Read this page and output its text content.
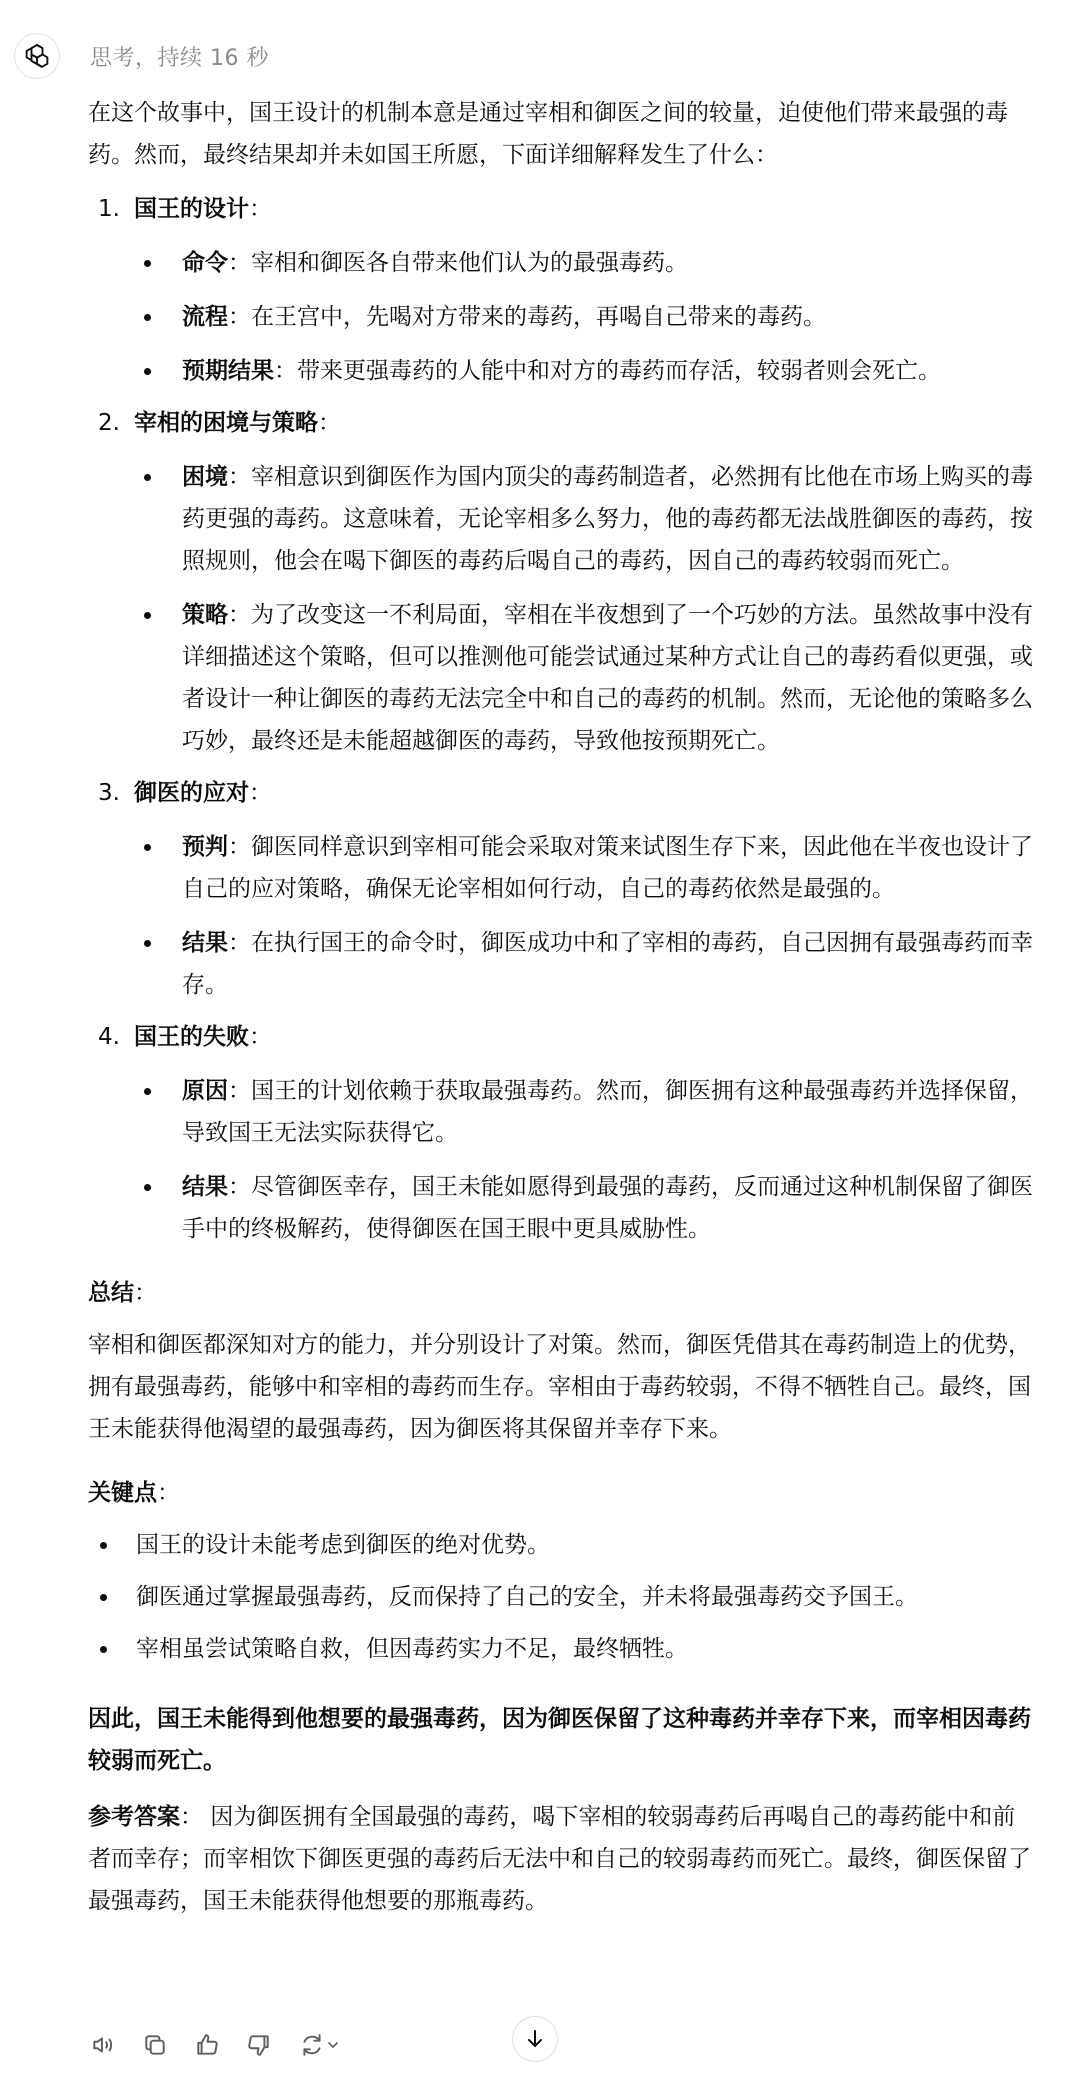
思考，持续 16 秒

在这个故事中，国王设计的机制本意是通过宰相和御医之间的较量，迫使他们带来最强的毒药。然而，最终结果却并未如国王所愿，下面详细解释发生了什么：

1. 国王的设计：
命令：宰相和御医各自带来他们认为的最强毒药。
流程：在王宫中，先喝对方带来的毒药，再喝自己带来的毒药。
预期结果：带来更强毒药的人能中和对方的毒药而存活，较弱者则会死亡。
2. 宰相的困境与策略：
困境：宰相意识到御医作为国内顶尖的毒药制造者，必然拥有比他在市场上购买的毒药更强的毒药。这意味着，无论宰相多么努力，他的毒药都无法战胜御医的毒药，按照规则，他会在喝下御医的毒药后喝自己的毒药，因自己的毒药较弱而死亡。
策略：为了改变这一不利局面，宰相在半夜想到了一个巧妙的方法。虽然故事中没有详细描述这个策略，但可以推测他可能尝试通过某种方式让自己的毒药看似更强，或者设计一种让御医的毒药无法完全中和自己的毒药的机制。然而，无论他的策略多么巧妙，最终还是未能超越御医的毒药，导致他按预期死亡。
3. 御医的应对：
预判：御医同样意识到宰相可能会采取对策来试图生存下来，因此他在半夜也设计了自己的应对策略，确保无论宰相如何行动，自己的毒药依然是最强的。
结果：在执行国王的命令时，御医成功中和了宰相的毒药，自己因拥有最强毒药而幸存。
4. 国王的失败：
原因：国王的计划依赖于获取最强毒药。然而，御医拥有这种最强毒药并选择保留，导致国王无法实际获得它。
结果：尽管御医幸存，国王未能如愿得到最强的毒药，反而通过这种机制保留了御医手中的终极解药，使得御医在国王眼中更具威胁性。

总结：

宰相和御医都深知对方的能力，并分别设计了对策。然而，御医凭借其在毒药制造上的优势，拥有最强毒药，能够中和宰相的毒药而生存。宰相由于毒药较弱，不得不牺牲自己。最终，国王未能获得他渴望的最强毒药，因为御医将其保留并幸存下来。

关键点：

国王的设计未能考虑到御医的绝对优势。
御医通过掌握最强毒药，反而保持了自己的安全，并未将最强毒药交予国王。
宰相虽尝试策略自救，但因毒药实力不足，最终牺牲。

因此，国王未能得到他想要的最强毒药，因为御医保留了这种毒药并幸存下来，而宰相因毒药较弱而死亡。

参考答案： 因为御医拥有全国最强的毒药，喝下宰相的较弱毒药后再喝自己的毒药能中和前者而幸存；而宰相饮下御医更强的毒药后无法中和自己的较弱毒药而死亡。最终，御医保留了最强毒药，国王未能获得他想要的那瓶毒药。
